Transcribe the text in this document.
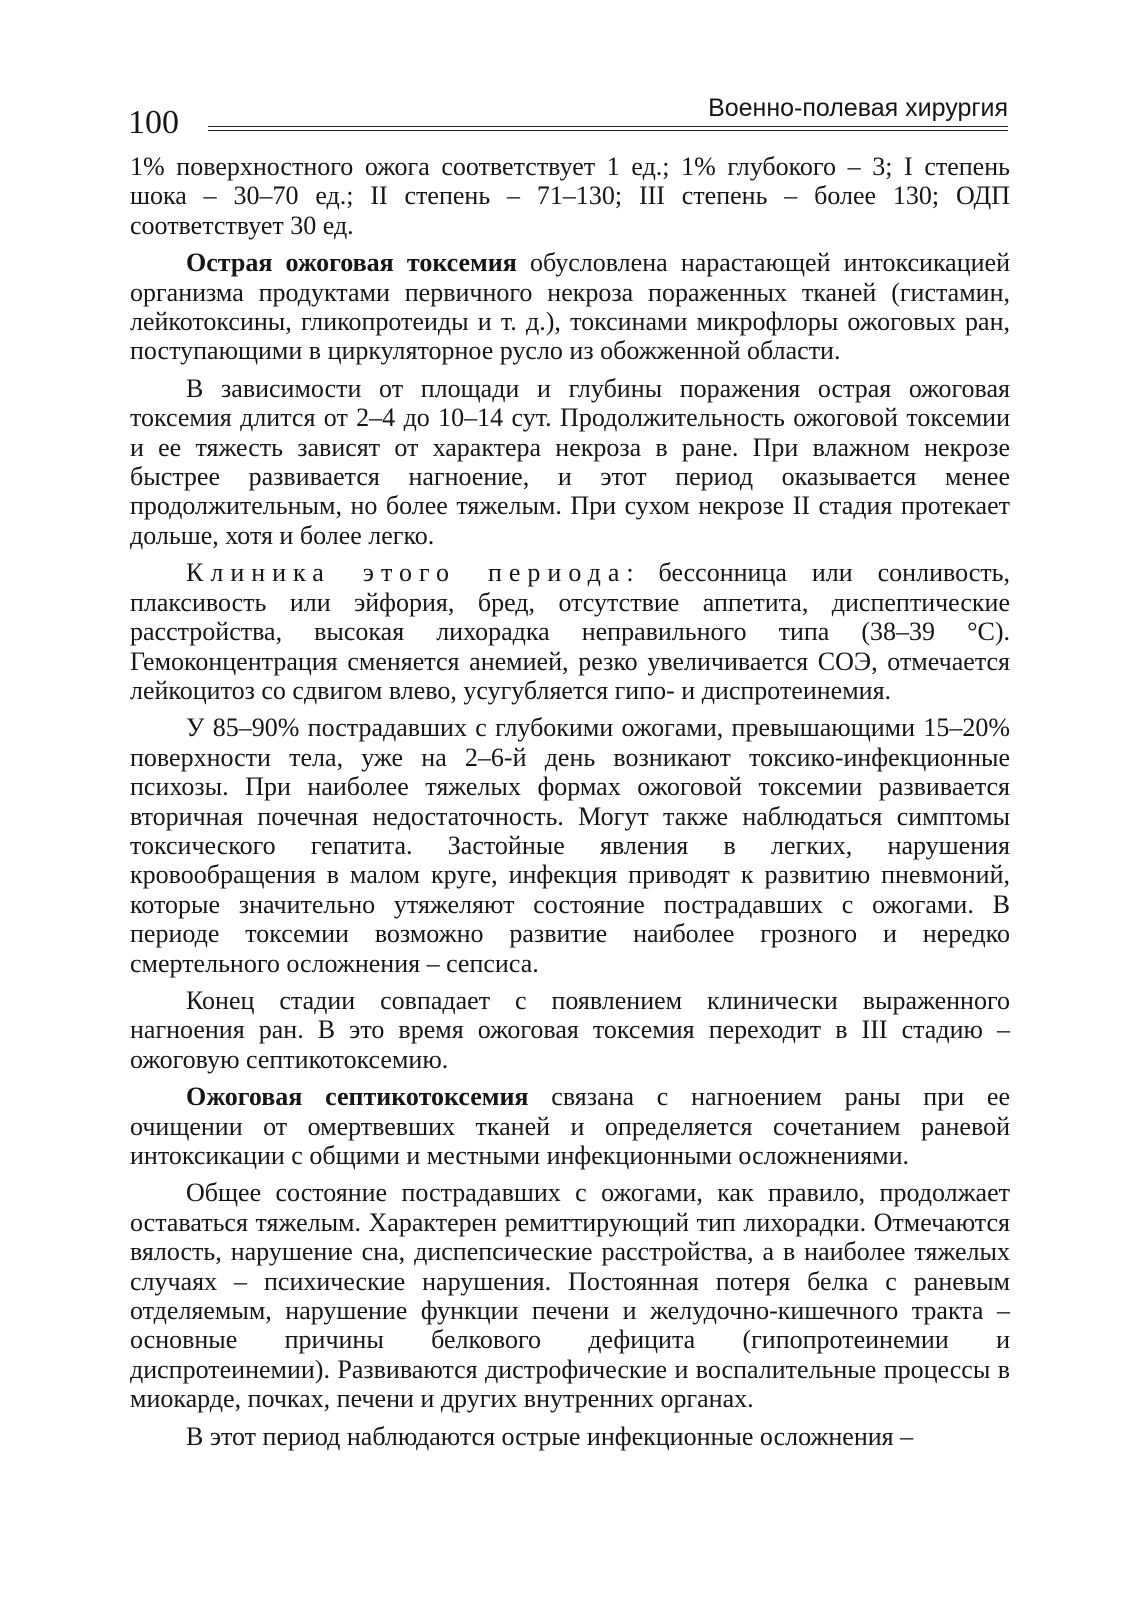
100	Военно-полевая хирургия

1% поверхностного ожога соответствует 1 ед.; 1% глубокого – 3; I степень шока – 30–70 ед.; II степень – 71–130; III степень – более 130; ОДП соответствует 30 ед.

Острая ожоговая токсемия обусловлена нарастающей интоксикацией организма продуктами первичного некроза пораженных тканей (гистамин, лейкотоксины, гликопротеиды и т. д.), токсинами микрофлоры ожоговых ран, поступающими в циркуляторное русло из обожженной области.

В зависимости от площади и глубины поражения острая ожоговая токсемия длится от 2–4 до 10–14 сут. Продолжительность ожоговой токсемии и ее тяжесть зависят от характера некроза в ране. При влажном некрозе быстрее развивается нагноение, и этот период оказывается менее продолжительным, но более тяжелым. При сухом некрозе II стадия протекает дольше, хотя и более легко.

Клиника этого периода: бессонница или сонливость, плаксивость или эйфория, бред, отсутствие аппетита, диспептические расстройства, высокая лихорадка неправильного типа (38–39 °С). Гемоконцентрация сменяется анемией, резко увеличивается СОЭ, отмечается лейкоцитоз со сдвигом влево, усугубляется гипо- и диспротеинемия.

У 85–90% пострадавших с глубокими ожогами, превышающими 15–20% поверхности тела, уже на 2–6-й день возникают токсико-инфекционные психозы. При наиболее тяжелых формах ожоговой токсемии развивается вторичная почечная недостаточность. Могут также наблюдаться симптомы токсического гепатита. Застойные явления в легких, нарушения кровообращения в малом круге, инфекция приводят к развитию пневмоний, которые значительно утяжеляют состояние пострадавших с ожогами. В периоде токсемии возможно развитие наиболее грозного и нередко смертельного осложнения – сепсиса.

Конец стадии совпадает с появлением клинически выраженного нагноения ран. В это время ожоговая токсемия переходит в III стадию – ожоговую септикотоксемию.

Ожоговая септикотоксемия связана с нагноением раны при ее очищении от омертвевших тканей и определяется сочетанием раневой интоксикации с общими и местными инфекционными осложнениями.

Общее состояние пострадавших с ожогами, как правило, продолжает оставаться тяжелым. Характерен ремиттирующий тип лихорадки. Отмечаются вялость, нарушение сна, диспепсические расстройства, а в наиболее тяжелых случаях – психические нарушения. Постоянная потеря белка с раневым отделяемым, нарушение функции печени и желудочно-кишечного тракта – основные причины белкового дефицита (гипопротеинемии и диспротеинемии). Развиваются дистрофические и воспалительные процессы в миокарде, почках, печени и других внутренних органах.

В этот период наблюдаются острые инфекционные осложнения –
